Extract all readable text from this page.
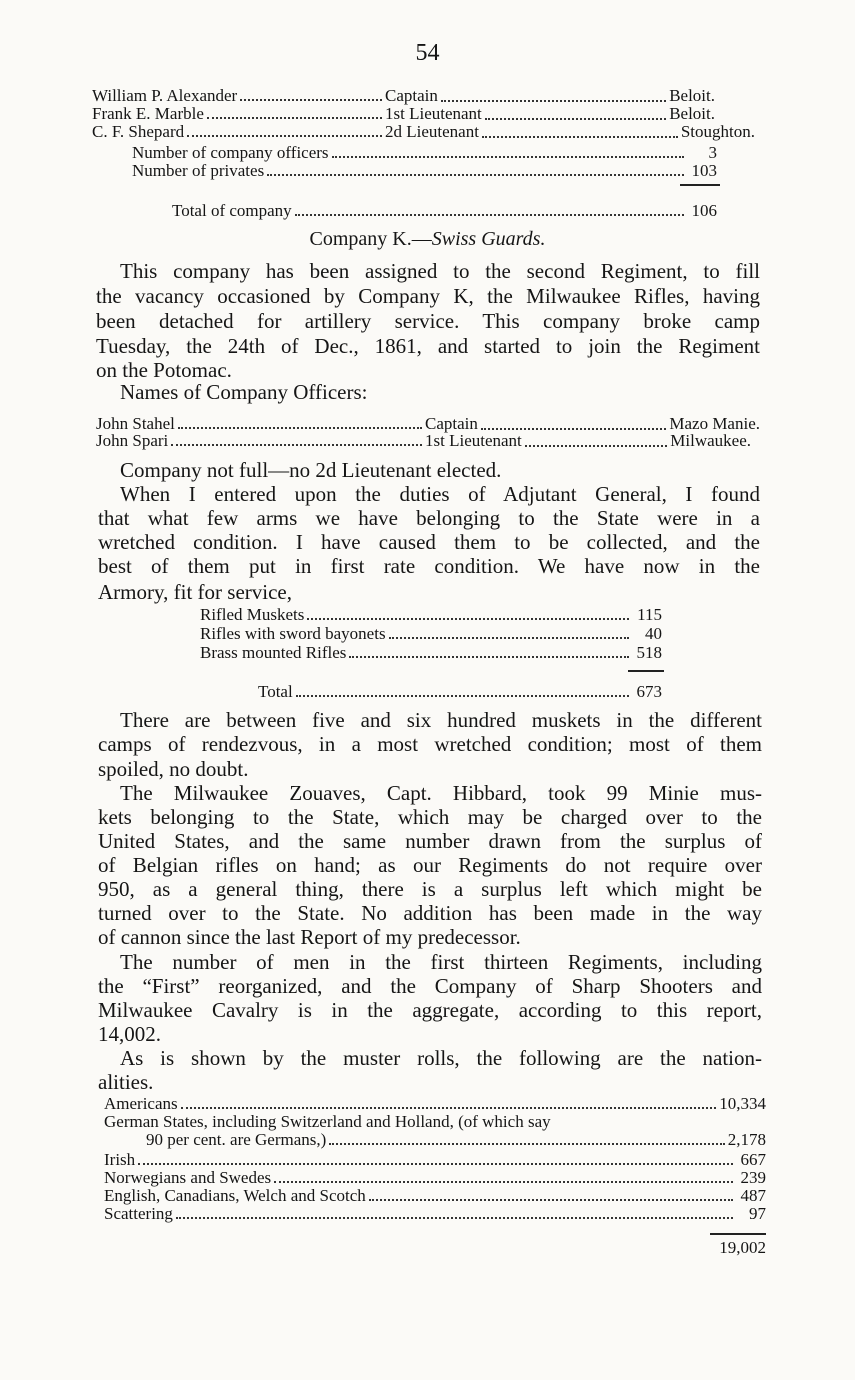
54
William P. Alexander	Captain	Beloit.
Frank E. Marble	1st Lieutenant	Beloit.
C. F. Shepard	2d Lieutenant	Stoughton.
Number of company officers	3
Number of privates	103
Total of company	106
Company K.—Swiss Guards.
This company has been assigned to the second Regiment, to fill
the vacancy occasioned by Company K, the Milwaukee Rifles, having
been detached for artillery service. This company broke camp
Tuesday, the 24th of Dec., 1861, and started to join the Regiment
on the Potomac.
Names of Company Officers:
John Stahel	Captain	Mazo Manie.
John Spari	1st Lieutenant	Milwaukee.
Company not full—no 2d Lieutenant elected.
When I entered upon the duties of Adjutant General, I found
that what few arms we have belonging to the State were in a
wretched condition. I have caused them to be collected, and the
best of them put in first rate condition. We have now in the
Armory, fit for service,
Rifled Muskets	115
Rifles with sword bayonets	40
Brass mounted Rifles	518
Total	673
There are between five and six hundred muskets in the different
camps of rendezvous, in a most wretched condition; most of them
spoiled, no doubt.
The Milwaukee Zouaves, Capt. Hibbard, took 99 Minie mus-
kets belonging to the State, which may be charged over to the
United States, and the same number drawn from the surplus of
of Belgian rifles on hand; as our Regiments do not require over
950, as a general thing, there is a surplus left which might be
turned over to the State. No addition has been made in the way
of cannon since the last Report of my predecessor.
The number of men in the first thirteen Regiments, including
the “First” reorganized, and the Company of Sharp Shooters and
Milwaukee Cavalry is in the aggregate, according to this report,
14,002.
As is shown by the muster rolls, the following are the nation-
alities.
Americans	10,334
German States, including Switzerland and Holland, (of which say
90 per cent. are Germans,)	2,178
Irish	667
Norwegians and Swedes	239
English, Canadians, Welch and Scotch	487
Scattering	97
19,002
